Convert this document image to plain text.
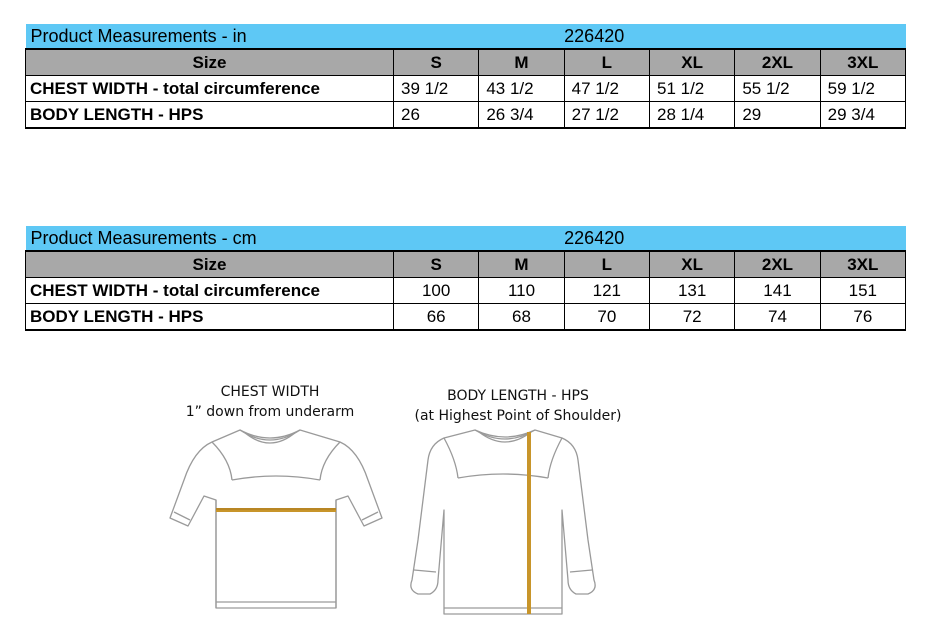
Product Measurements - in			226420			
Size	S	M	L	XL	2XL	3XL
CHEST WIDTH - total circumference	39 1/2	43 1/2	47 1/2	51 1/2	55 1/2	59 1/2
BODY LENGTH - HPS	26	26 3/4	27 1/2	28 1/4	29	29 3/4
Product Measurements - cm			226420			
Size	S	M	L	XL	2XL	3XL
CHEST WIDTH - total circumference	100	110	121	131	141	151
BODY LENGTH - HPS	66	68	70	72	74	76
CHEST WIDTH
1” down from underarm
BODY LENGTH - HPS
(at Highest Point of Shoulder)
